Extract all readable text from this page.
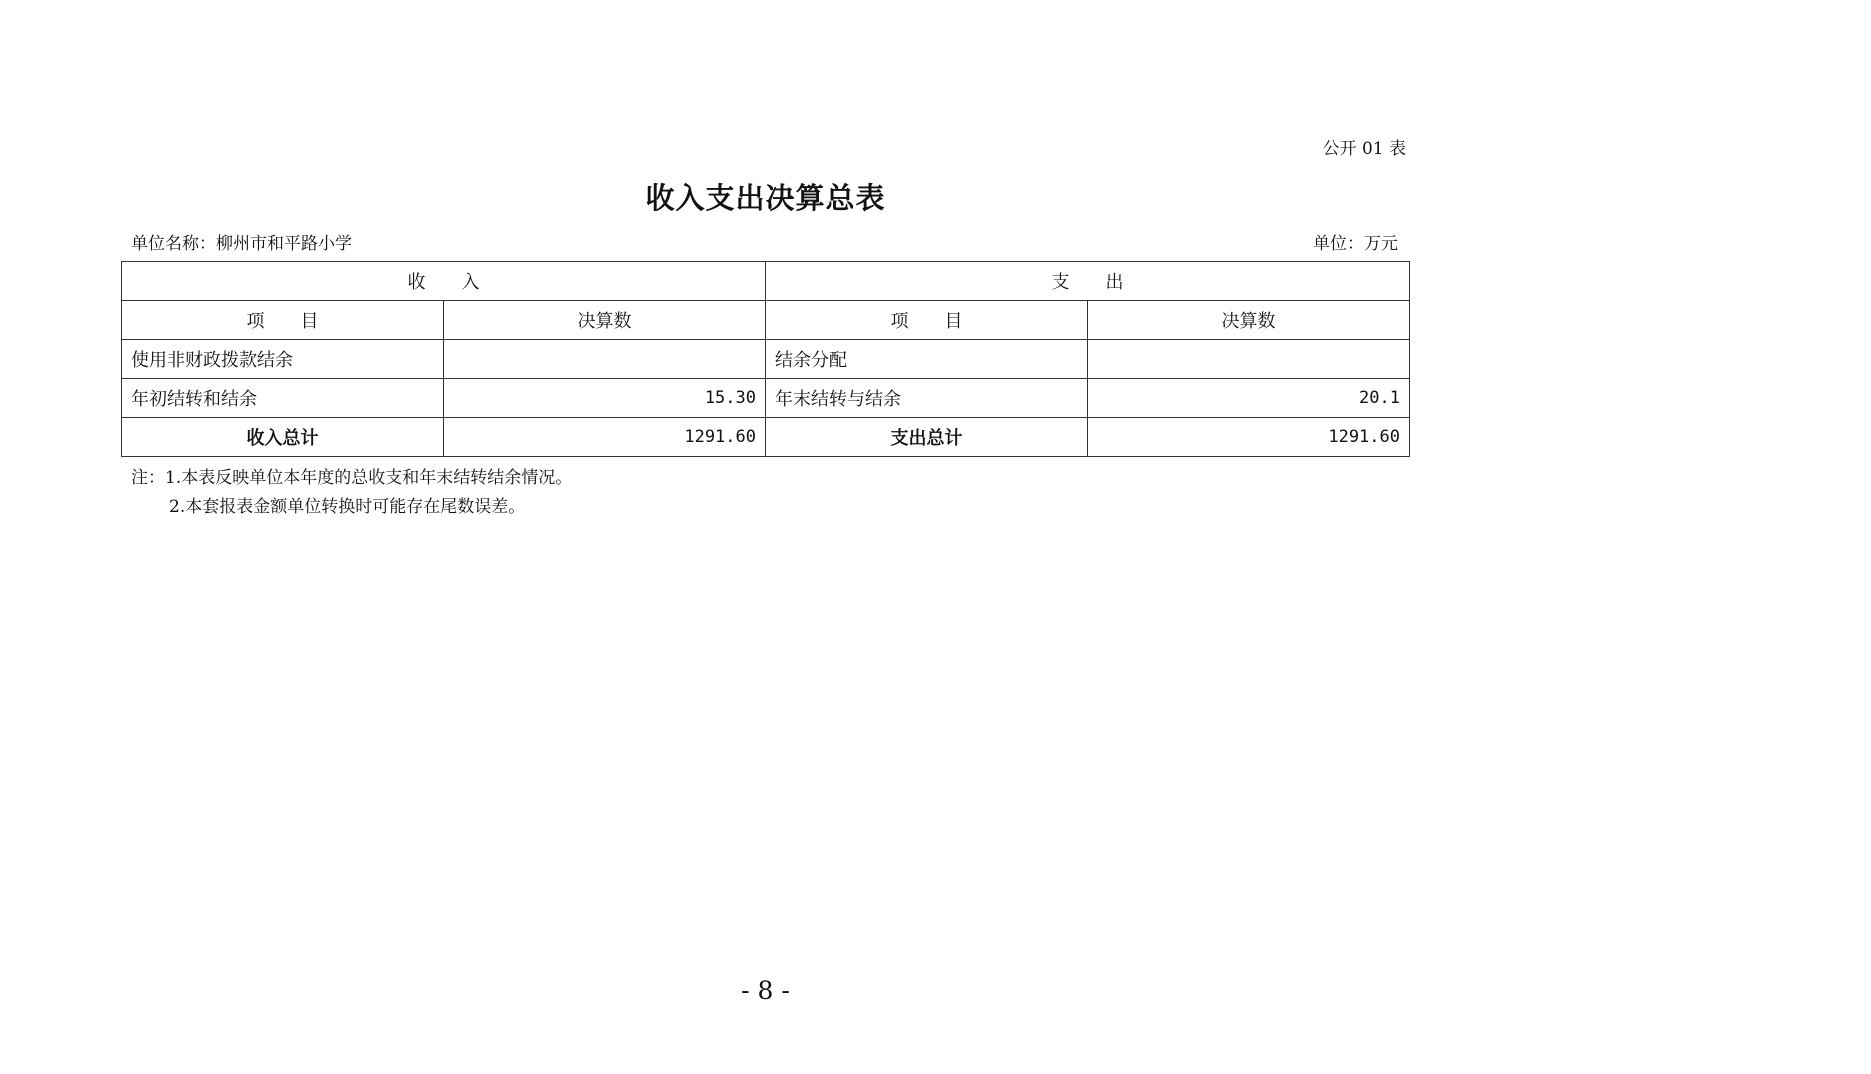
公开 01 表
收入支出决算总表
单位名称：柳州市和平路小学	单位：万元
收　　入		支　　出	
项　　目	决算数	项　　目	决算数
使用非财政拨款结余		结余分配	
年初结转和结余	15.30	年末结转与结余	20.1
收入总计	1291.60	支出总计	1291.60
注：1.本表反映单位本年度的总收支和年末结转结余情况。
2.本套报表金额单位转换时可能存在尾数误差。
- 8 -
